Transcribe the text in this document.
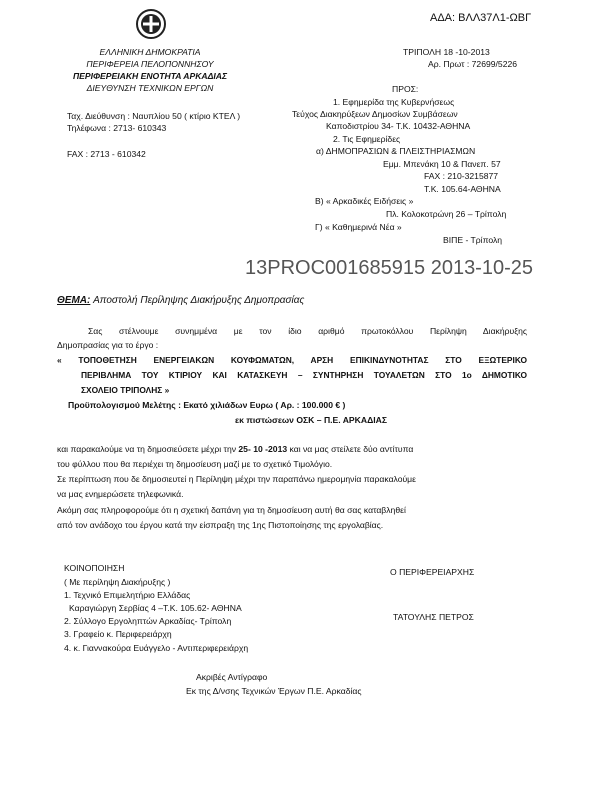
ΑΔΑ: ΒΛΛ37Λ1-ΩΒΓ
ΕΛΛΗΝΙΚΗ ΔΗΜΟΚΡΑΤΙΑ
ΠΕΡΙΦΕΡΕΙΑ ΠΕΛΟΠΟΝΝΗΣΟΥ
ΠΕΡΙΦΕΡΕΙΑΚΗ ΕΝΟΤΗΤΑ ΑΡΚΑΔΙΑΣ
ΔΙΕΥΘΥΝΣΗ ΤΕΧΝΙΚΩΝ ΕΡΓΩΝ
Ταχ. Διεύθυνση : Ναυπλίου 50 ( κτίριο ΚΤΕΛ )
Τηλέφωνα : 2713- 610343
FAX : 2713 - 610342
ΤΡΙΠΟΛΗ 18 -10-2013
Αρ. Πρωτ : 72699/5226
ΠΡΟΣ:
1. Εφημερίδα της Κυβερνήσεως
Τεύχος Διακηρύξεων Δημοσίων Συμβάσεων
Καποδιστρίου 34- Τ.Κ. 10432-ΑΘΗΝΑ
2. Τις Εφημερίδες
α) ΔΗΜΟΠΡΑΣΙΩΝ & ΠΛΕΙΣΤΗΡΙΑΣΜΩΝ
Εμμ. Μπενάκη 10 & Πανεπ. 57
FAX : 210-3215877
Τ.Κ. 105.64-ΑΘΗΝΑ
Β) « Αρκαδικές Ειδήσεις »
Πλ. Κολοκοτρώνη 26 – Τρίπολη
Γ) « Καθημερινά Νέα »
ΒΙΠΕ - Τρίπολη
13PROC001685915 2013-10-25
ΘΕΜΑ: Αποστολή Περίληψης Διακήρυξης Δημοπρασίας
Σας στέλνουμε συνημμένα με τον ίδιο αριθμό πρωτοκόλλου Περίληψη Διακήρυξης
Δημοπρασίας για το έργο :
« ΤΟΠΟΘΕΤΗΣΗ ΕΝΕΡΓΕΙΑΚΩΝ ΚΟΥΦΩΜΑΤΩΝ, ΑΡΣΗ ΕΠΙΚΙΝΔΥΝΟΤΗΤΑΣ ΣΤΟ ΕΞΩΤΕΡΙΚΟ
ΠΕΡΙΒΛΗΜΑ ΤΟΥ ΚΤΙΡΙΟΥ ΚΑΙ ΚΑΤΑΣΚΕΥΗ – ΣΥΝΤΗΡΗΣΗ ΤΟΥΑΛΕΤΩΝ ΣΤΟ 1ο ΔΗΜΟΤΙΚΟ
ΣΧΟΛΕΙΟ ΤΡΙΠΟΛΗΣ »
Προϋπολογισμού Μελέτης : Εκατό χιλιάδων Ευρω ( Αρ. : 100.000 € )
εκ πιστώσεων ΟΣΚ – Π.Ε. ΑΡΚΑΔΙΑΣ
και παρακαλούμε να τη δημοσιεύσετε μέχρι την 25- 10 -2013 και να μας στείλετε δύο αντίτυπα
του φύλλου που θα περιέχει τη δημοσίευση μαζί με το σχετικό Τιμολόγιο.
Σε περίπτωση που δε δημοσιευτεί η Περίληψη μέχρι την παραπάνω ημερομηνία παρακαλούμε
να μας ενημερώσετε τηλεφωνικά.
Ακόμη σας πληροφορούμε ότι η σχετική δαπάνη για τη δημοσίευση αυτή θα σας καταβληθεί
από τον ανάδοχο του έργου κατά την είσπραξη της 1ης Πιστοποίησης της εργολαβίας.
ΚΟΙΝΟΠΟΙΗΣΗ
( Με περίληψη Διακήρυξης )
1. Τεχνικό Επιμελητήριο Ελλάδας
Καραγιώργη Σερβίας 4 –Τ.Κ. 105.62- ΑΘΗΝΑ
2. Σύλλογο Εργοληπτών Αρκαδίας- Τρίπολη
3. Γραφείο κ. Περιφερειάρχη
4. κ. Γιαννακούρα Ευάγγελο - Αντιπεριφερειάρχη
Ο ΠΕΡΙΦΕΡΕΙΑΡΧΗΣ
ΤΑΤΟΥΛΗΣ ΠΕΤΡΟΣ
Ακριβές Αντίγραφο
Εκ της Δ/νσης Τεχνικών Έργων Π.Ε. Αρκαδίας
